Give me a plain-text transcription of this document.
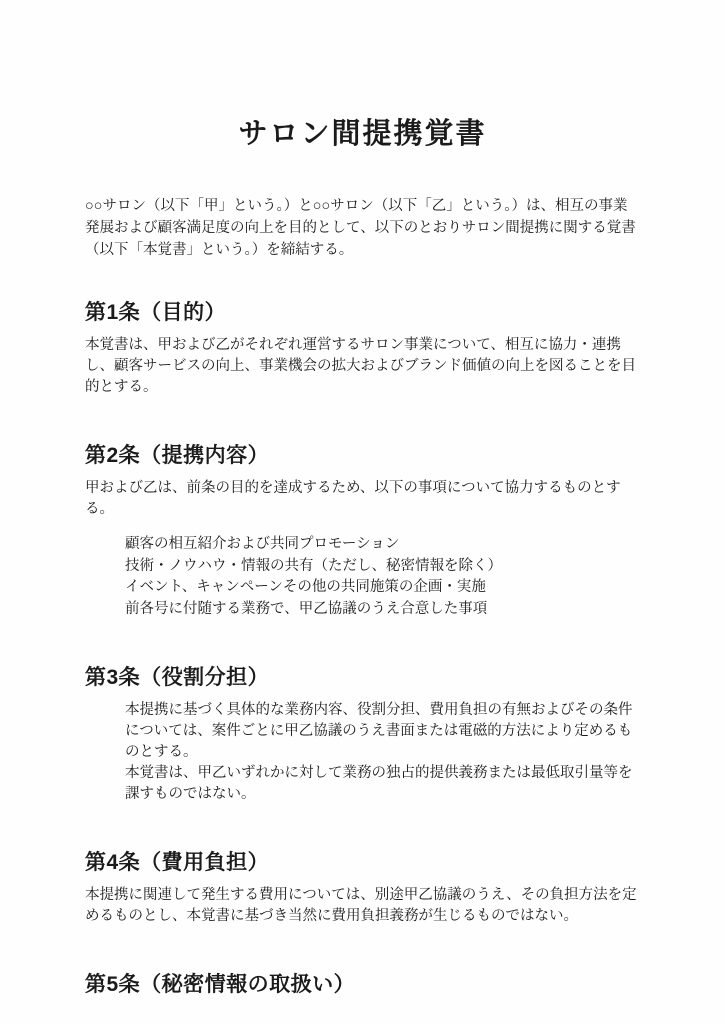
サロン間提携覚書

○○サロン（以下「甲」という。）と○○サロン（以下「乙」という。）は、相互の事業発展および顧客満足度の向上を目的として、以下のとおりサロン間提携に関する覚書（以下「本覚書」という。）を締結する。

第1条（目的）

本覚書は、甲および乙がそれぞれ運営するサロン事業について、相互に協力・連携し、顧客サービスの向上、事業機会の拡大およびブランド価値の向上を図ることを目的とする。

第2条（提携内容）

甲および乙は、前条の目的を達成するため、以下の事項について協力するものとする。

顧客の相互紹介および共同プロモーション
技術・ノウハウ・情報の共有（ただし、秘密情報を除く）
イベント、キャンペーンその他の共同施策の企画・実施
前各号に付随する業務で、甲乙協議のうえ合意した事項
第3条（役割分担）

本提携に基づく具体的な業務内容、役割分担、費用負担の有無およびその条件については、案件ごとに甲乙協議のうえ書面または電磁的方法により定めるものとする。

本覚書は、甲乙いずれかに対して業務の独占的提供義務または最低取引量等を課すものではない。

第4条（費用負担）

本提携に関連して発生する費用については、別途甲乙協議のうえ、その負担方法を定めるものとし、本覚書に基づき当然に費用負担義務が生じるものではない。

第5条（秘密情報の取扱い）
